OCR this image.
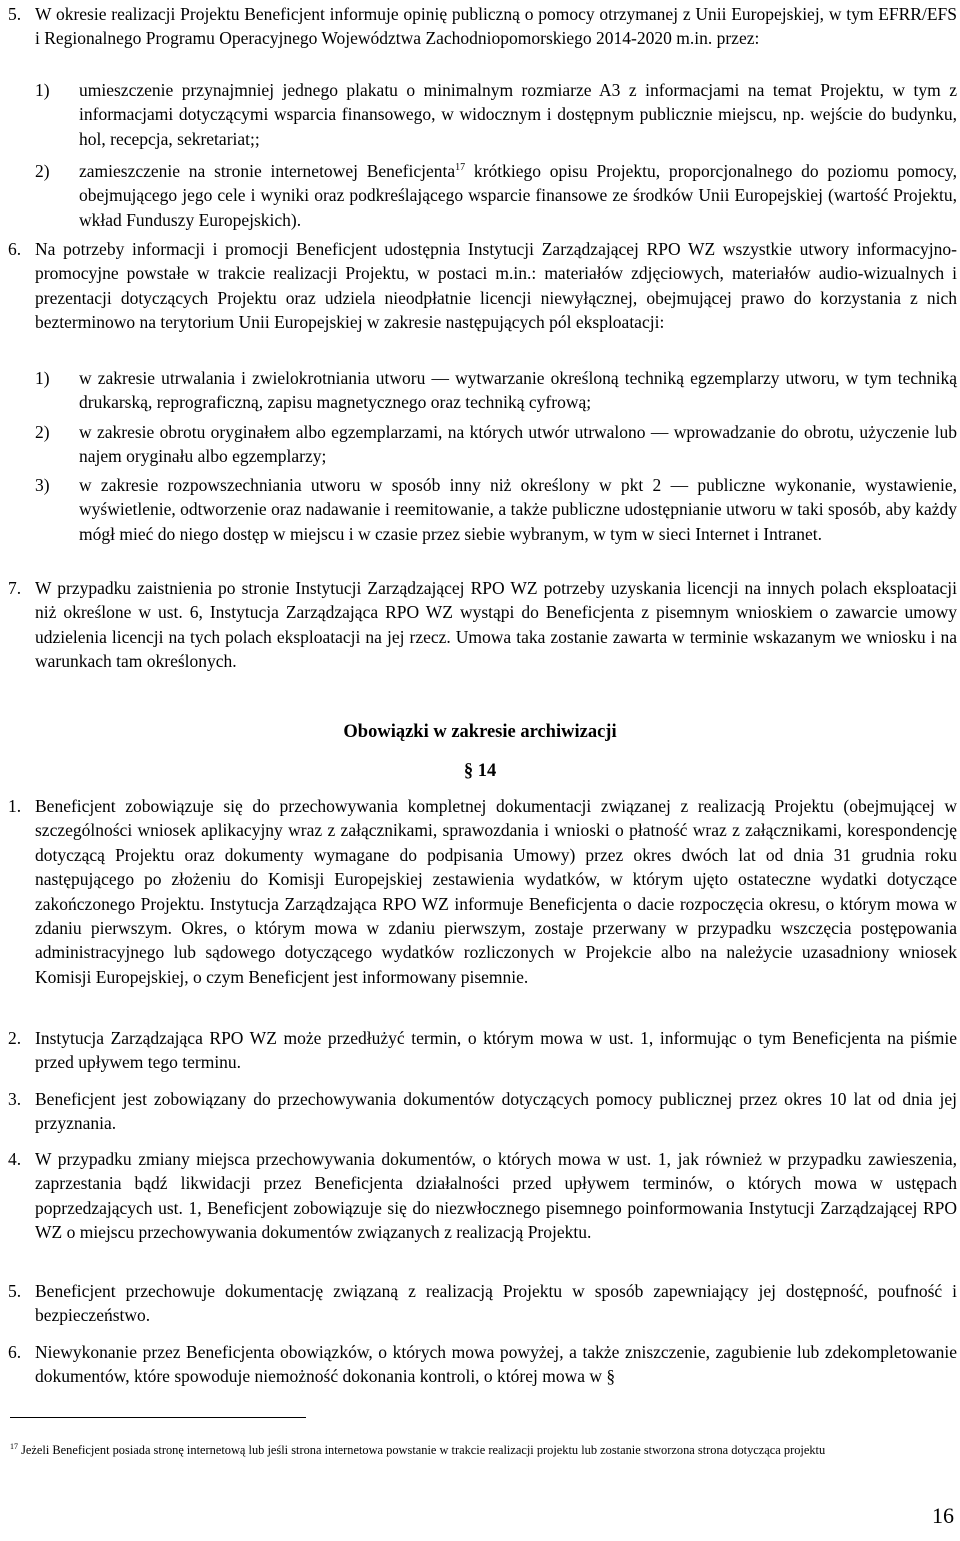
5. W okresie realizacji Projektu Beneficjent informuje opinię publiczną o pomocy otrzymanej z Unii Europejskiej, w tym EFRR/EFS i Regionalnego Programu Operacyjnego Województwa Zachodniopomorskiego 2014-2020 m.in. przez:

1) umieszczenie przynajmniej jednego plakatu o minimalnym rozmiarze A3 z informacjami na temat Projektu, w tym z informacjami dotyczącymi wsparcia finansowego, w widocznym i dostępnym publicznie miejscu, np. wejście do budynku, hol, recepcja, sekretariat;;

2) zamieszczenie na stronie internetowej Beneficjenta$^{17}$ krótkiego opisu Projektu, proporcjonalnego do poziomu pomocy, obejmującego jego cele i wyniki oraz podkreślającego wsparcie finansowe ze środków Unii Europejskiej (wartość Projektu, wkład Funduszy Europejskich).

6. Na potrzeby informacji i promocji Beneficjent udostępnia Instytucji Zarządzającej RPO WZ wszystkie utwory informacyjno-promocyjne powstałe w trakcie realizacji Projektu, w postaci m.in.: materiałów zdjęciowych, materiałów audio-wizualnych i prezentacji dotyczących Projektu oraz udziela nieodpłatnie licencji niewyłącznej, obejmującej prawo do korzystania z nich bezterminowo na terytorium Unii Europejskiej w zakresie następujących pól eksploatacji:

1) w zakresie utrwalania i zwielokrotniania utworu — wytwarzanie określoną techniką egzemplarzy utworu, w tym techniką drukarską, reprograficzną, zapisu magnetycznego oraz techniką cyfrową;

2) w zakresie obrotu oryginałem albo egzemplarzami, na których utwór utrwalono — wprowadzanie do obrotu, użyczenie lub najem oryginału albo egzemplarzy;

3) w zakresie rozpowszechniania utworu w sposób inny niż określony w pkt 2 — publiczne wykonanie, wystawienie, wyświetlenie, odtworzenie oraz nadawanie i reemitowanie, a także publiczne udostępnianie utworu w taki sposób, aby każdy mógł mieć do niego dostęp w miejscu i w czasie przez siebie wybranym, w tym w sieci Internet i Intranet.

7. W przypadku zaistnienia po stronie Instytucji Zarządzającej RPO WZ potrzeby uzyskania licencji na innych polach eksploatacji niż określone w ust. 6, Instytucja Zarządzająca RPO WZ wystąpi do Beneficjenta z pisemnym wnioskiem o zawarcie umowy udzielenia licencji na tych polach eksploatacji na jej rzecz. Umowa taka zostanie zawarta w terminie wskazanym we wniosku i na warunkach tam określonych.

Obowiązki w zakresie archiwizacji

§ 14

1. Beneficjent zobowiązuje się do przechowywania kompletnej dokumentacji związanej z realizacją Projektu (obejmującej w szczególności wniosek aplikacyjny wraz z załącznikami, sprawozdania i wnioski o płatność wraz z załącznikami, korespondencję dotyczącą Projektu oraz dokumenty wymagane do podpisania Umowy) przez okres dwóch lat od dnia 31 grudnia roku następującego po złożeniu do Komisji Europejskiej zestawienia wydatków, w którym ujęto ostateczne wydatki dotyczące zakończonego Projektu. Instytucja Zarządzająca RPO WZ informuje Beneficjenta o dacie rozpoczęcia okresu, o którym mowa w zdaniu pierwszym. Okres, o którym mowa w zdaniu pierwszym, zostaje przerwany w przypadku wszczęcia postępowania administracyjnego lub sądowego dotyczącego wydatków rozliczonych w Projekcie albo na należycie uzasadniony wniosek Komisji Europejskiej, o czym Beneficjent jest informowany pisemnie.

2. Instytucja Zarządzająca RPO WZ może przedłużyć termin, o którym mowa w ust. 1, informując o tym Beneficjenta na piśmie przed upływem tego terminu.

3. Beneficjent jest zobowiązany do przechowywania dokumentów dotyczących pomocy publicznej przez okres 10 lat od dnia jej przyznania.

4. W przypadku zmiany miejsca przechowywania dokumentów, o których mowa w ust. 1, jak również w przypadku zawieszenia, zaprzestania bądź likwidacji przez Beneficjenta działalności przed upływem terminów, o których mowa w ustępach poprzedzających ust. 1, Beneficjent zobowiązuje się do niezwłocznego pisemnego poinformowania Instytucji Zarządzającej RPO WZ o miejscu przechowywania dokumentów związanych z realizacją Projektu.

5. Beneficjent przechowuje dokumentację związaną z realizacją Projektu w sposób zapewniający jej dostępność, poufność i bezpieczeństwo.

6. Niewykonanie przez Beneficjenta obowiązków, o których mowa powyżej, a także zniszczenie, zagubienie lub zdekompletowanie dokumentów, które spowoduje niemożność dokonania kontroli, o której mowa w §

$^{17}$ Jeżeli Beneficjent posiada stronę internetową lub jeśli strona internetowa powstanie w trakcie realizacji projektu lub zostanie stworzona strona dotycząca projektu

16
